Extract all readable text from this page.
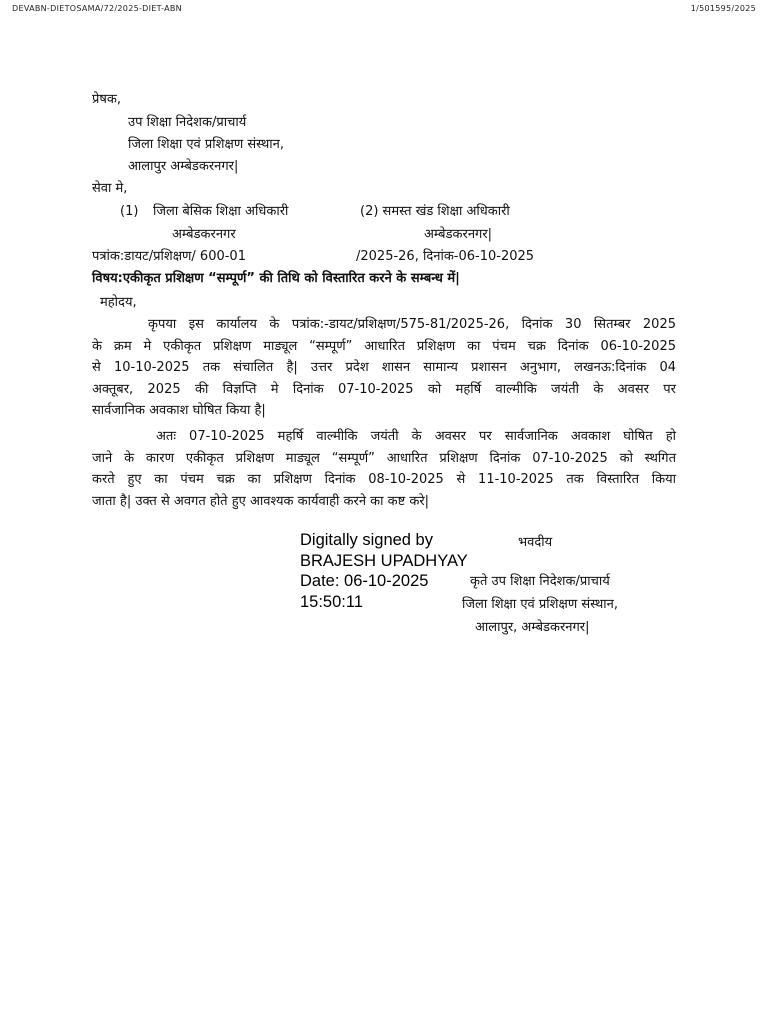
DEVABN-DIETOSAMA/72/2025-DIET-ABN	1/501595/2025
प्रेषक,
उप शिक्षा निदेशक/प्राचार्य
जिला शिक्षा एवं प्रशिक्षण संस्थान,
आलापुर अम्बेडकरनगर|
सेवा मे,
(1) जिला बेसिक शिक्षा अधिकारी	(2) समस्त खंड शिक्षा अधिकारी
अम्बेडकरनगर	अम्बेडकरनगर|
पत्रांक:डायट/प्रशिक्षण/ 600-01	/2025-26, दिनांक-06-10-2025
विषय:एकीकृत प्रशिक्षण “सम्पूर्ण” की तिथि को विस्तारित करने के सम्बन्ध में|
महोदय,
कृपया इस कार्यालय के पत्रांक:-डायट/प्रशिक्षण/575-81/2025-26, दिनांक 30 सितम्बर 2025
के क्रम मे एकीकृत प्रशिक्षण माड्यूल “सम्पूर्ण” आधारित प्रशिक्षण का पंचम चक्र दिनांक 06-10-2025
से 10-10-2025 तक संचालित है| उत्तर प्रदेश शासन सामान्य प्रशासन अनुभाग, लखनऊ:दिनांक 04
अक्तूबर, 2025 की विज्ञप्ति मे दिनांक 07-10-2025 को महर्षि वाल्मीकि जयंती के अवसर पर
सार्वजानिक अवकाश घोषित किया है|
अतः 07-10-2025 महर्षि वाल्मीकि जयंती के अवसर पर सार्वजानिक अवकाश घोषित हो
जाने के कारण एकीकृत प्रशिक्षण माड्यूल “सम्पूर्ण” आधारित प्रशिक्षण दिनांक 07-10-2025 को स्थगित
करते हुए का पंचम चक्र का प्रशिक्षण दिनांक 08-10-2025 से 11-10-2025 तक विस्तारित किया
जाता है| उक्त से अवगत होते हुए आवश्यक कार्यवाही करने का कष्ट करे|
Digitally signed by
BRAJESH UPADHYAY
Date: 06-10-2025
15:50:11
भवदीय
कृते उप शिक्षा निदेशक/प्राचार्य
जिला शिक्षा एवं प्रशिक्षण संस्थान,
आलापुर, अम्बेडकरनगर|
